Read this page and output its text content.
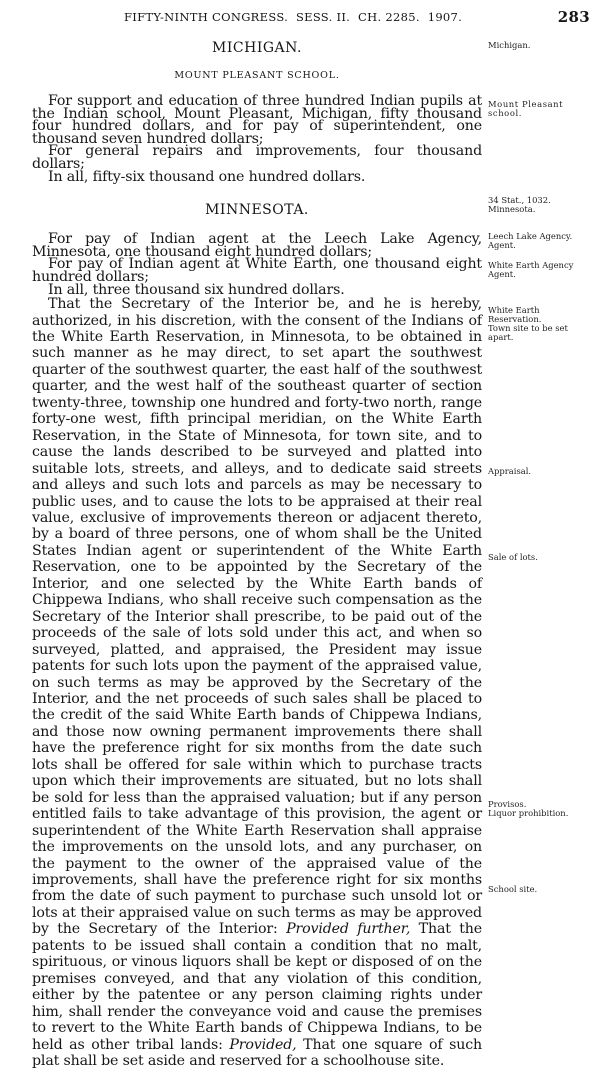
FIFTY-NINTH CONGRESS.  SESS. II.  CH. 2285.  1907.	283

MICHIGAN.

MOUNT PLEASANT SCHOOL.

For support and education of three hundred Indian pupils at the Indian school, Mount Pleasant, Michigan, fifty thousand four hundred dollars, and for pay of superintendent, one thousand seven hundred dollars;

For general repairs and improvements, four thousand dollars;

In all, fifty-six thousand one hundred dollars.

MINNESOTA.

For pay of Indian agent at the Leech Lake Agency, Minnesota, one thousand eight hundred dollars;

For pay of Indian agent at White Earth, one thousand eight hundred dollars;

In all, three thousand six hundred dollars.

That the Secretary of the Interior be, and he is hereby, authorized, in his discretion, with the consent of the Indians of the White Earth Reservation, in Minnesota, to be obtained in such manner as he may direct, to set apart the southwest quarter of the southwest quarter, the east half of the southwest quarter, and the west half of the southeast quarter of section twenty-three, township one hundred and forty-two north, range forty-one west, fifth principal meridian, on the White Earth Reservation, in the State of Minnesota, for town site, and to cause the lands described to be surveyed and platted into suitable lots, streets, and alleys, and to dedicate said streets and alleys and such lots and parcels as may be necessary to public uses, and to cause the lots to be appraised at their real value, exclusive of improvements thereon or adjacent thereto, by a board of three persons, one of whom shall be the United States Indian agent or superintendent of the White Earth Reservation, one to be appointed by the Secretary of the Interior, and one selected by the White Earth bands of Chippewa Indians, who shall receive such compensation as the Secretary of the Interior shall prescribe, to be paid out of the proceeds of the sale of lots sold under this act, and when so surveyed, platted, and appraised, the President may issue patents for such lots upon the payment of the appraised value, on such terms as may be approved by the Secretary of the Interior, and the net proceeds of such sales shall be placed to the credit of the said White Earth bands of Chippewa Indians, and those now owning permanent improvements there shall have the preference right for six months from the date such lots shall be offered for sale within which to purchase tracts upon which their improvements are situated, but no lots shall be sold for less than the appraised valuation; but if any person entitled fails to take advantage of this provision, the agent or superintendent of the White Earth Reservation shall appraise the improvements on the unsold lots, and any purchaser, on the payment to the owner of the appraised value of the improvements, shall have the preference right for six months from the date of such payment to purchase such unsold lot or lots at their appraised value on such terms as may be approved by the Secretary of the Interior: Provided further, That the patents to be issued shall contain a condition that no malt, spirituous, or vinous liquors shall be kept or disposed of on the premises conveyed, and that any violation of this condition, either by the patentee or any person claiming rights under him, shall render the conveyance void and cause the premises to revert to the White Earth bands of Chippewa Indians, to be held as other tribal lands: Provided, That one square of such plat shall be set aside and reserved for a schoolhouse site.

Michigan.
Mount Pleasant school.
34 Stat., 1032.
Minnesota.
Leech Lake Agency. Agent.
White Earth Agency Agent.
White Earth Reservation.
Town site to be set apart.
Appraisal.
Sale of lots.
Provisos.
Liquor prohibition.
School site.
